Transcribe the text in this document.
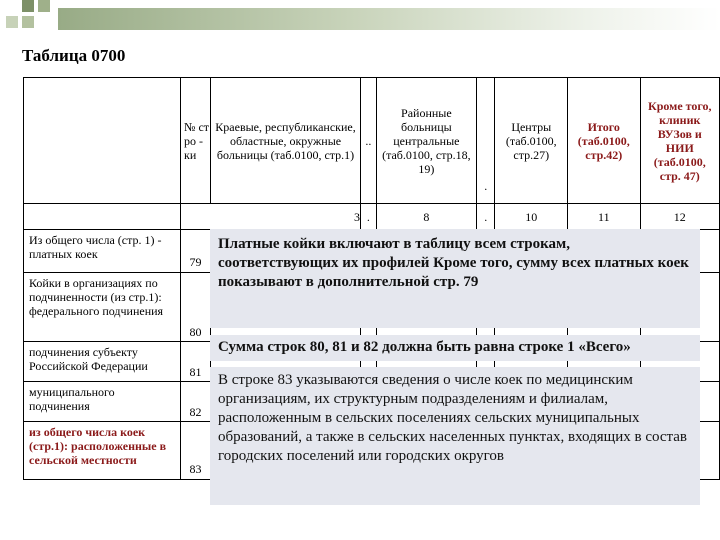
Таблица 0700
	№ ст ро - ки	Краевые, республиканские, областные, окружные больницы (таб.0100, стр.1)	..	Районные больницы центральные (таб.0100, стр.18, 19)	.	Центры (таб.0100, стр.27)	Итого (таб.0100, стр.42)	Кроме того, клиник ВУЗов и НИИ (таб.0100, стр. 47)
	3		.	8	.	10	11	12
Из общего числа (стр. 1) - платных коек	79							
Койки в организациях по подчиненности (из стр.1): федерального подчинения	80							
подчинения субъекту Российской Федерации	81							
муниципального подчинения	82							
из общего числа коек (стр.1): расположенные в сельской местности	83							
Платные койки включают в таблицу всем строкам, соответствующих их профилей Кроме того, сумму всех платных коек показывают в дополнительной стр. 79
Сумма строк 80, 81 и 82 должна быть равна строке 1 «Всего»
В строке 83 указываются сведения о числе коек по медицинским организациям, их структурным подразделениям и филиалам, расположенным в сельских поселениях сельских муниципальных образований, а также в сельских населенных пунктах, входящих в состав городских поселений или городских округов
